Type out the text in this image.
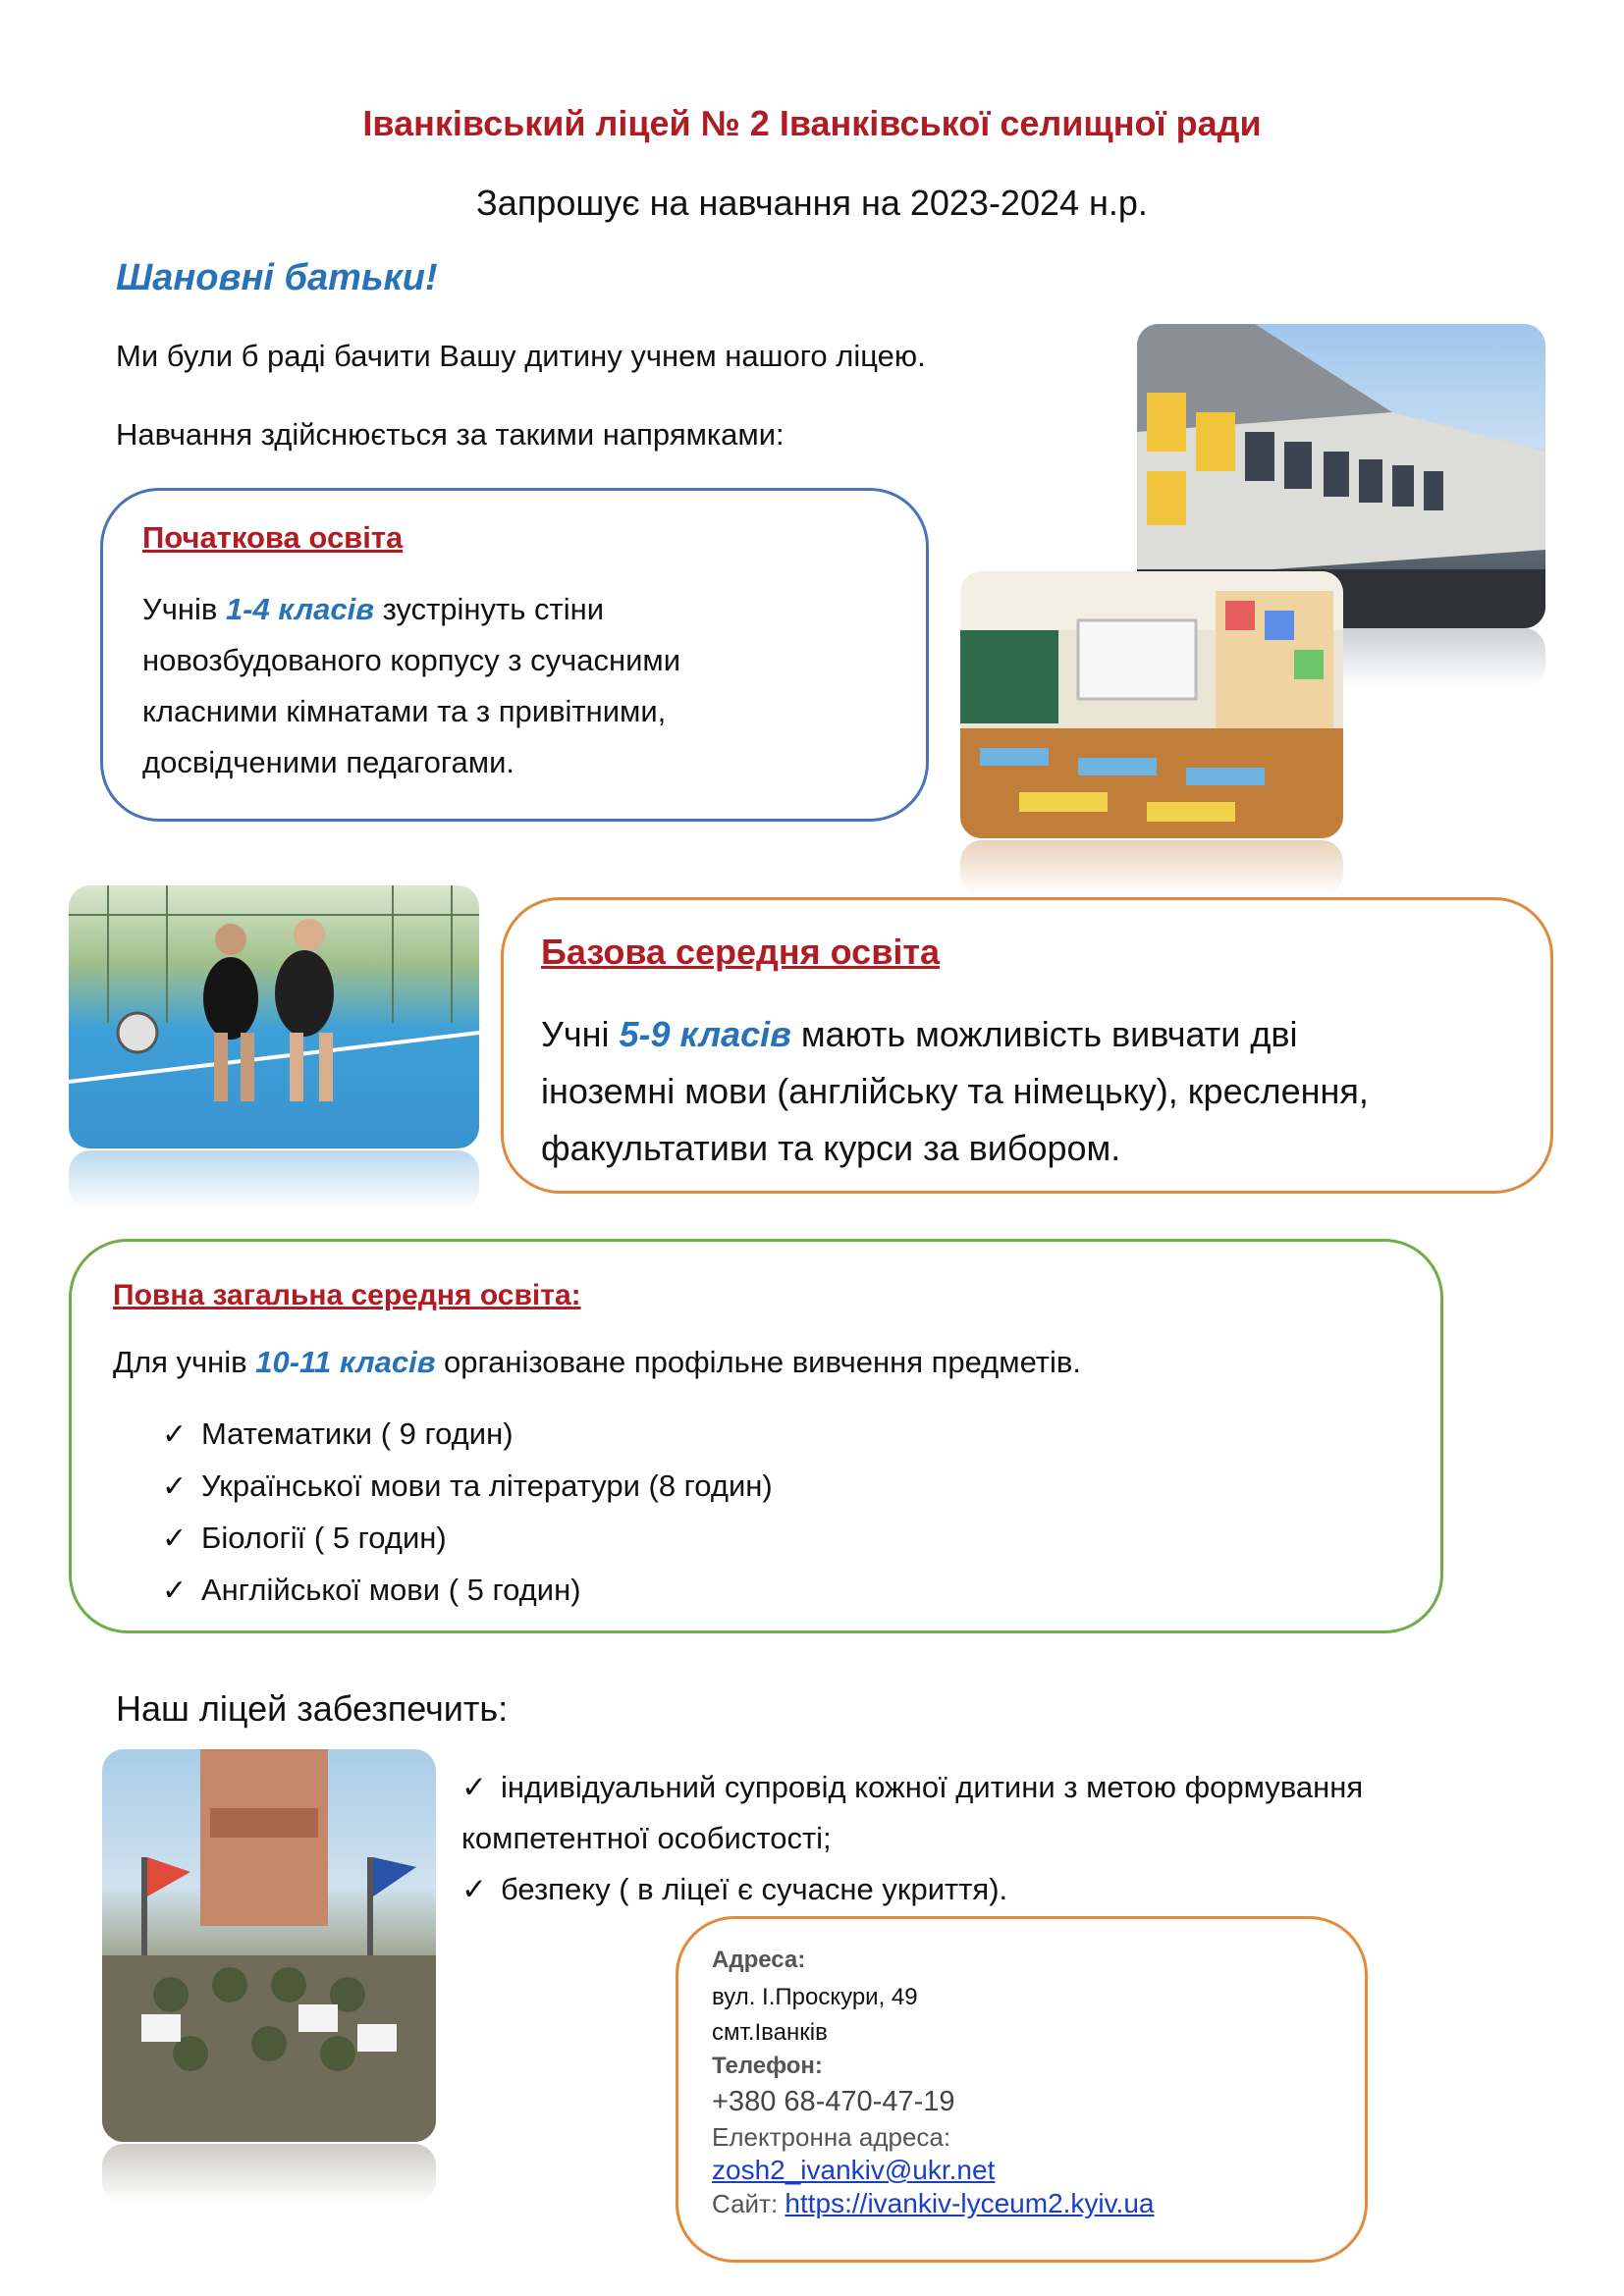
Іванківський ліцей № 2 Іванківської селищної ради
Запрошує на навчання на 2023-2024 н.р.
Шановні батьки!
Ми були б раді бачити Вашу дитину учнем нашого ліцею.
Навчання здійснюється за такими напрямками:
Початкова освіта
Учнів 1-4 класів зустрінуть стіни
новозбудованого корпусу з сучасними
класними кімнатами та з привітними,
досвідченими педагогами.
Базова середня освіта
Учні 5-9 класів мають можливість вивчати дві
іноземні мови (англійську та німецьку), креслення,
факультативи та курси за вибором.
Повна загальна середня освіта:
Для учнів 10-11 класів організоване профільне вивчення предметів.
✓ Математики ( 9 годин)
✓ Української мови та літератури (8 годин)
✓ Біології ( 5 годин)
✓ Англійської мови ( 5 годин)
Наш ліцей забезпечить:
✓ індивідуальний супровід кожної дитини з метою формування
компетентної особистості;
✓ безпеку ( в ліцеї є сучасне укриття).
Адреса:
вул. І.Проскури, 49
смт.Іванків
Телефон:
+380 68-470-47-19
Електронна адреса:
zosh2_ivankiv@ukr.net
Сайт: https://ivankiv-lyceum2.kyiv.ua
